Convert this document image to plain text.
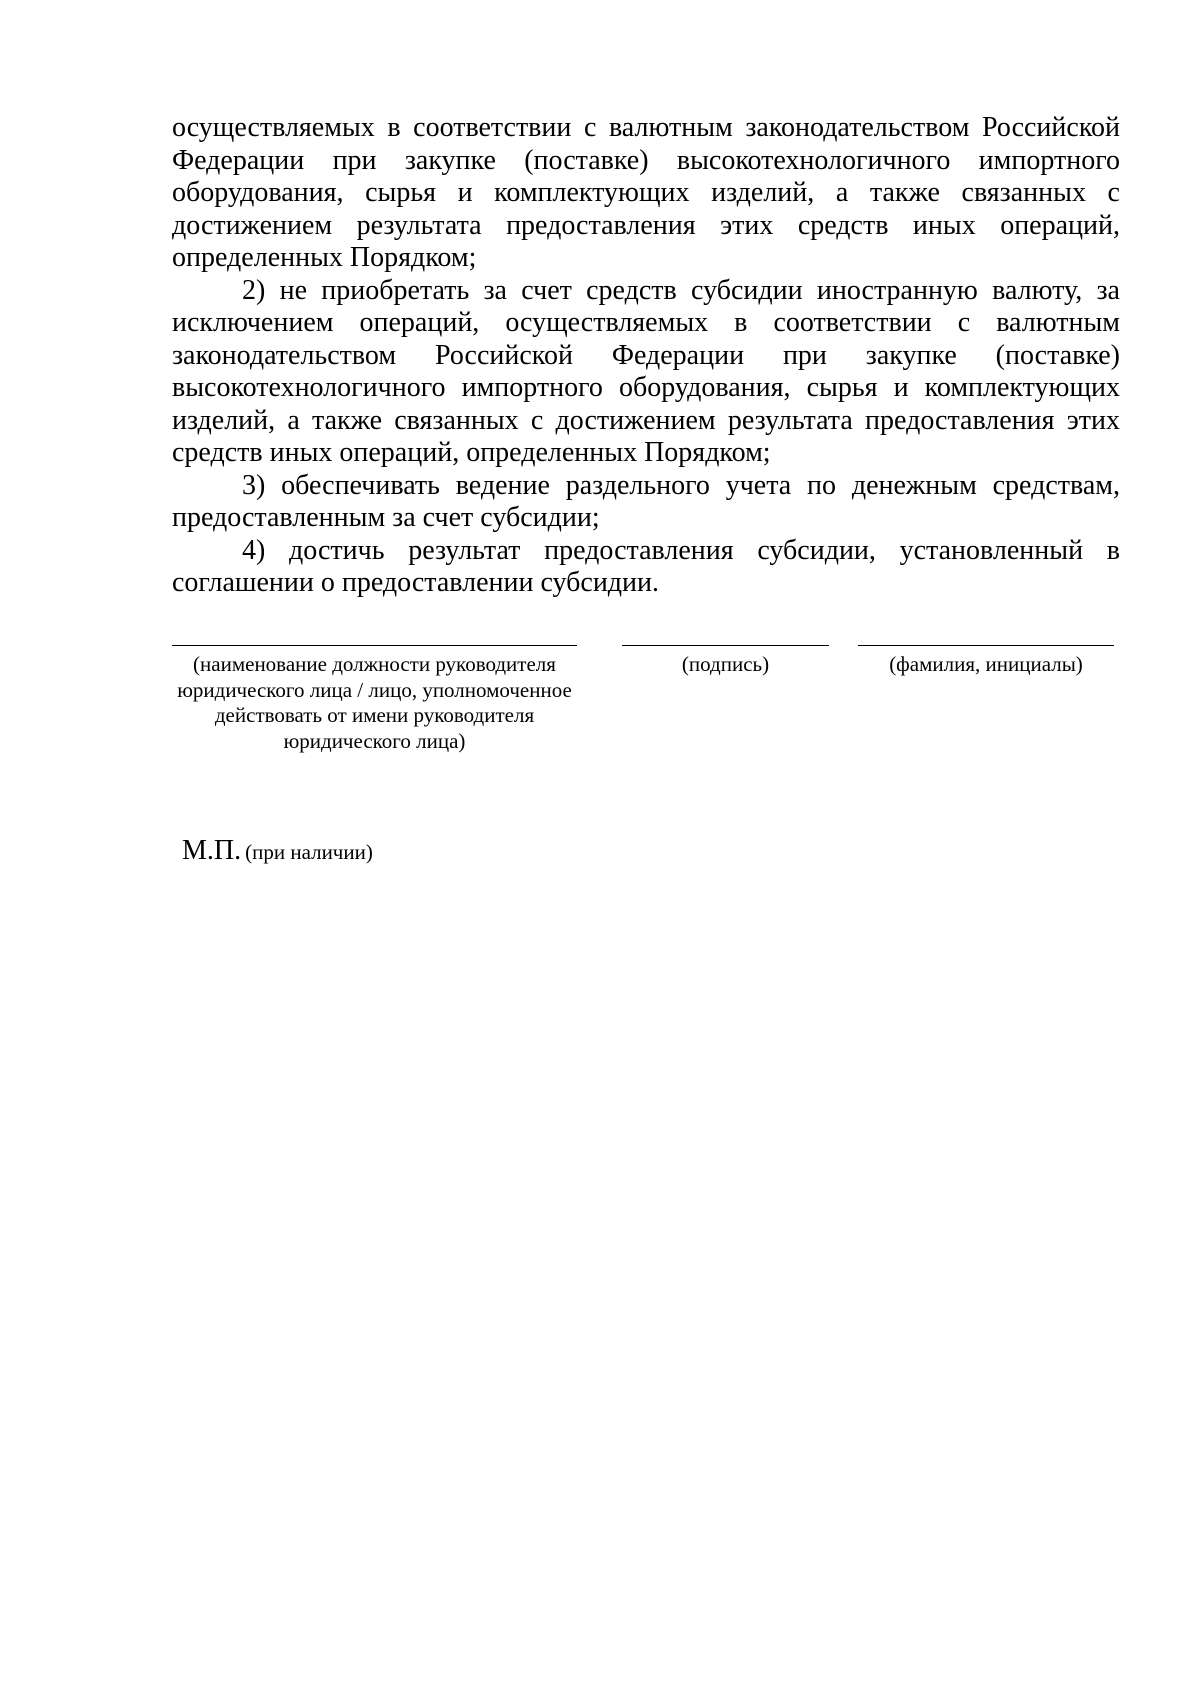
осуществляемых в соответствии с валютным законодательством Российской Федерации при закупке (поставке) высокотехнологичного импортного оборудования, сырья и комплектующих изделий, а также связанных с достижением результата предоставления этих средств иных операций, определенных Порядком;

2) не приобретать за счет средств субсидии иностранную валюту, за исключением операций, осуществляемых в соответствии с валютным законодательством Российской Федерации при закупке (поставке) высокотехнологичного импортного оборудования, сырья и комплектующих изделий, а также связанных с достижением результата предоставления этих средств иных операций, определенных Порядком;

3) обеспечивать ведение раздельного учета по денежным средствам, предоставленным за счет субсидии;

4) достичь результат предоставления субсидии, установленный в соглашении о предоставлении субсидии.

(наименование должности руководителя юридического лица / лицо, уполномоченное действовать от имени руководителя юридического лица)
(подпись)	(фамилия, инициалы)
М.П. (при наличии)
